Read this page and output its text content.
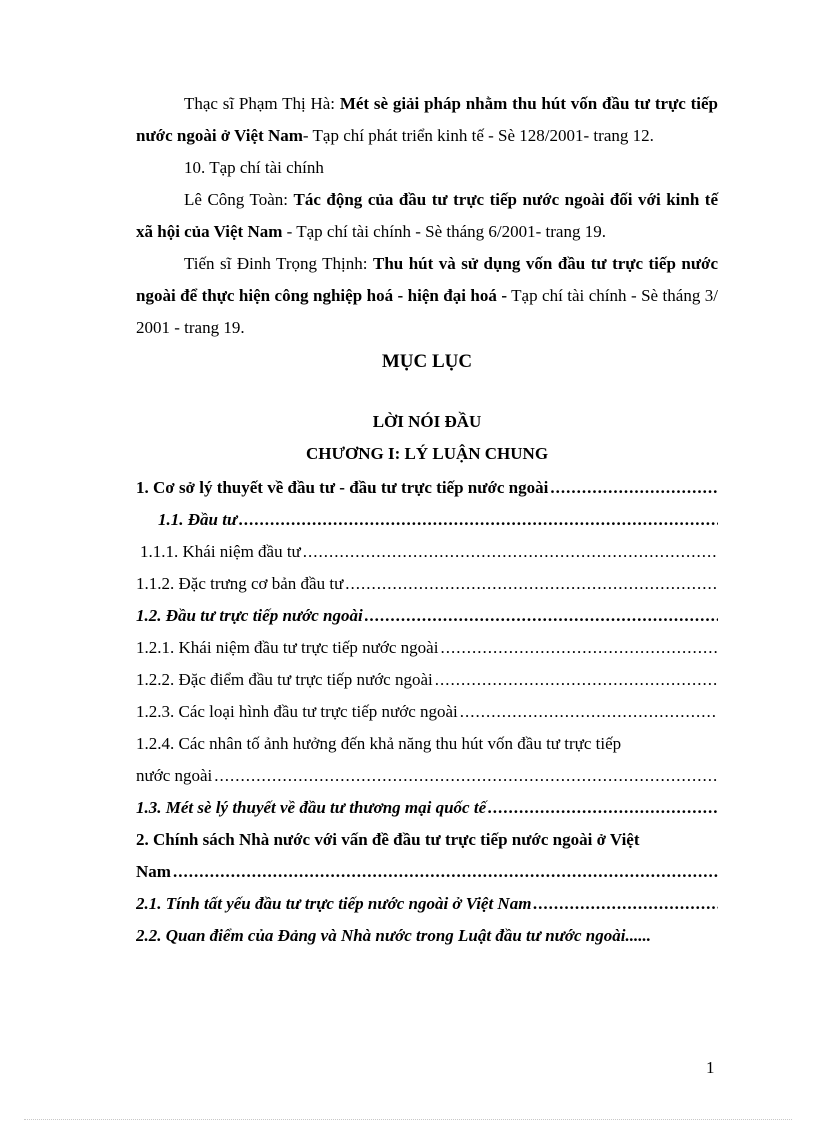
Thạc sĩ Phạm Thị Hà: Mét sè giải pháp nhằm thu hút vốn đầu tư trực tiếp nước ngoài ở Việt Nam- Tạp chí phát triển kinh tế - Sè 128/2001- trang 12.

10. Tạp chí tài chính

Lê Công Toàn: Tác động của đầu tư trực tiếp nước ngoài đối với kinh tế xã hội của Việt Nam - Tạp chí tài chính - Sè tháng 6/2001- trang 19.

Tiến sĩ Đinh Trọng Thịnh: Thu hút và sử dụng vốn đầu tư trực tiếp nước ngoài để thực hiện công nghiệp hoá - hiện đại hoá - Tạp chí tài chính - Sè tháng 3/ 2001 - trang 19.

MỤC LỤC

LỜI NÓI ĐẦU

CHƯƠNG I: LÝ LUẬN CHUNG

1. Cơ sở lý thuyết về đầu tư - đầu tư trực tiếp nước ngoài
.....
1.1. Đầu tư
.....
1.1.1. Khái niệm đầu tư
.....
1.1.2. Đặc trưng cơ bản đầu tư
.....
1.2. Đầu tư trực tiếp nước ngoài
.....
1.2.1. Khái niệm đầu tư trực tiếp nước ngoài
.....
1.2.2. Đặc điểm đầu tư trực tiếp nước ngoài
.....
1.2.3. Các loại hình đầu tư trực tiếp nước ngoài
.....

1.2.4. Các nhân tố ảnh hưởng đến khả năng thu hút vốn đầu tư trực tiếp

nước ngoài
.....
1.3. Mét sè lý thuyết về đầu tư thương mại quốc tế
.....

2. Chính sách Nhà nước với vấn đề đầu tư trực tiếp nước ngoài ở Việt

Nam
.....
2.1. Tính tất yếu đầu tư trực tiếp nước ngoài ở Việt Nam
.....
2.2. Quan điểm của Đảng và Nhà nước trong Luật đầu tư nước ngoài......
1
